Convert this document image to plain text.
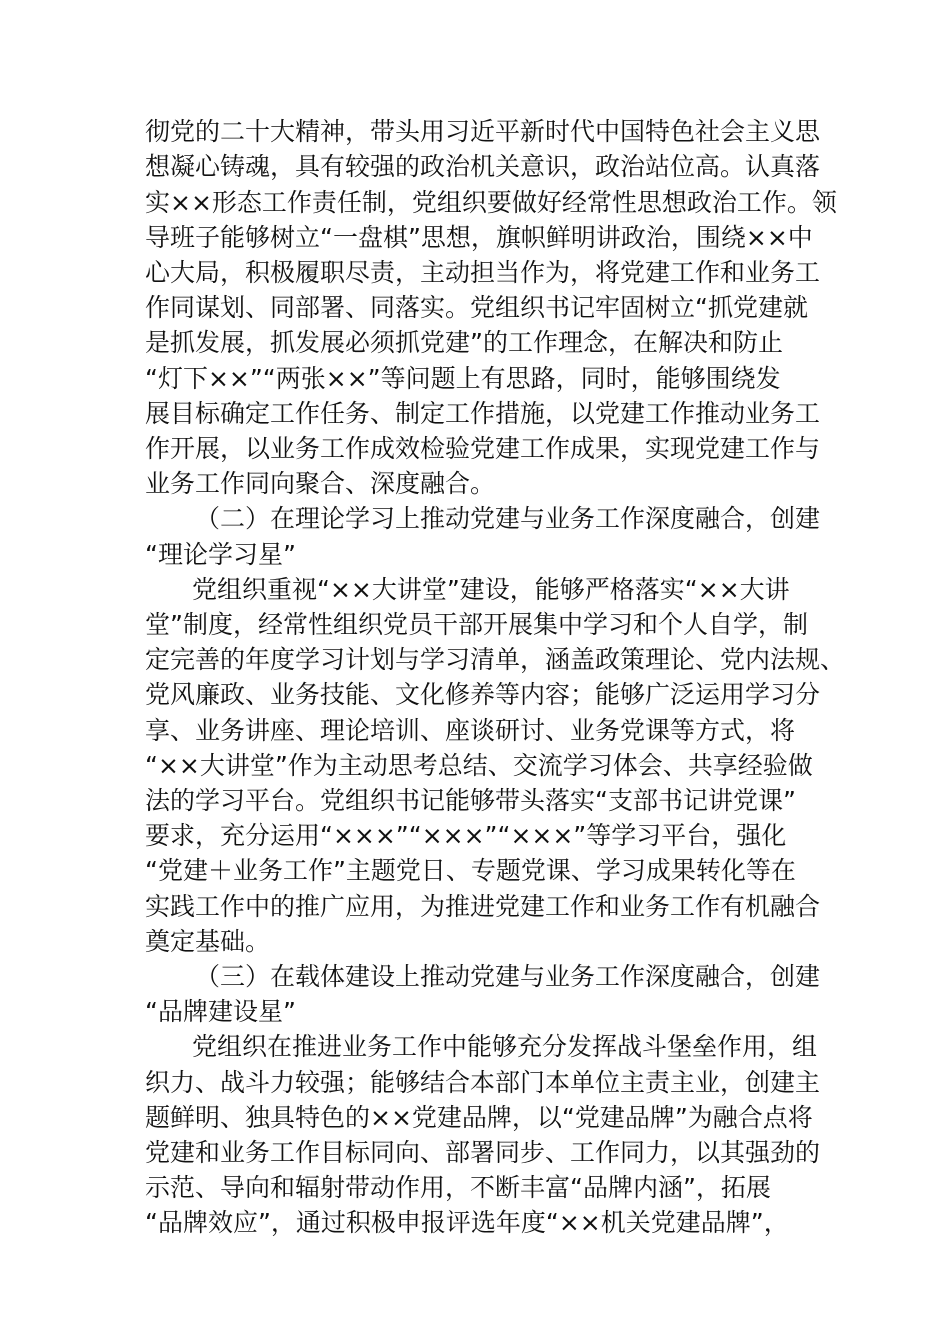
彻党的二十大精神，带头用习近平新时代中国特色社会主义思
想凝心铸魂，具有较强的政治机关意识，政治站位高。认真落
实××形态工作责任制，党组织要做好经常性思想政治工作。领
导班子能够树立“一盘棋”思想，旗帜鲜明讲政治，围绕××中
心大局，积极履职尽责，主动担当作为，将党建工作和业务工
作同谋划、同部署、同落实。党组织书记牢固树立“抓党建就
是抓发展，抓发展必须抓党建”的工作理念，在解决和防止
“灯下××”“两张××”等问题上有思路，同时，能够围绕发
展目标确定工作任务、制定工作措施，以党建工作推动业务工
作开展，以业务工作成效检验党建工作成果，实现党建工作与
业务工作同向聚合、深度融合。
（二）在理论学习上推动党建与业务工作深度融合，创建
“理论学习星”
党组织重视“××大讲堂”建设，能够严格落实“××大讲
堂”制度，经常性组织党员干部开展集中学习和个人自学，制
定完善的年度学习计划与学习清单，涵盖政策理论、党内法规、
党风廉政、业务技能、文化修养等内容；能够广泛运用学习分
享、业务讲座、理论培训、座谈研讨、业务党课等方式，将
“××大讲堂”作为主动思考总结、交流学习体会、共享经验做
法的学习平台。党组织书记能够带头落实“支部书记讲党课”
要求，充分运用“×××”“×××”“×××”等学习平台，强化
“党建＋业务工作”主题党日、专题党课、学习成果转化等在
实践工作中的推广应用，为推进党建工作和业务工作有机融合
奠定基础。
（三）在载体建设上推动党建与业务工作深度融合，创建
“品牌建设星”
党组织在推进业务工作中能够充分发挥战斗堡垒作用，组
织力、战斗力较强；能够结合本部门本单位主责主业，创建主
题鲜明、独具特色的××党建品牌，以“党建品牌”为融合点将
党建和业务工作目标同向、部署同步、工作同力，以其强劲的
示范、导向和辐射带动作用，不断丰富“品牌内涵”，拓展
“品牌效应”，通过积极申报评选年度“××机关党建品牌”，
